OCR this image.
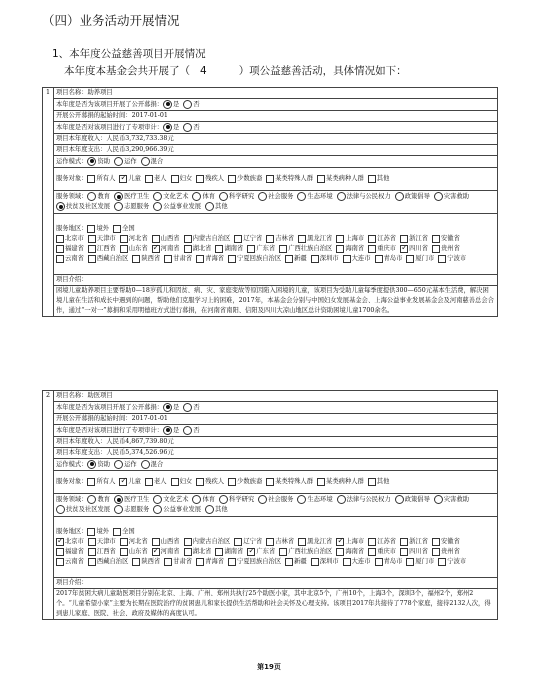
（四）业务活动开展情况
1、本年度公益慈善项目开展情况
本年度本基金会共开展了（ 4	）项公益慈善活动，具体情况如下：
1	项目名称：助养项目
本年度是否为该项目开展了公开募捐： 是 否
开展公开募捐的起始时间：2017-01-01
本年度是否对该项目进行了专项审计： 是 否
项目本年度收入：人民币3,732,733.38元
项目本年度支出：人民币3,290,966.39元
运作模式： 资助 运作 混合
服务对象： 所有人 ✓ 儿童 老人 妇女 残疾人 少数族裔 某类特殊人群 某类病种人群 其他
服务领域： 教育 医疗卫生 文化艺术 体育 科学研究 社会服务 生态环境 法律与公民权力 政策倡导 灾害救助扶贫及社区发展 志愿服务 公益事业发展 其他
服务地区： 境外 全国
北京市 天津市 河北省 山西省 内蒙古自治区 辽宁省 吉林省 黑龙江省 上海市 江苏省 浙江省 安徽省福建省 江西省 山东省 ✓ 河南省 湖北省 湖南省 广东省 广西壮族自治区 海南省 重庆市 ✓ 四川省 贵州省云南省 西藏自治区 陕西省 甘肃省 青海省 宁夏回族自治区 新疆 深圳市 大连市 青岛市 厦门市 宁波市
项目介绍：
困境儿童助养项目主要帮助0—18岁孤儿和因贫、病、灾、家庭变故等原因陷入困境的儿童，该项目为受助儿童每季度提供300—650元基本生活费，解决困境儿童在生活和成长中遇到的问题，帮助他们克服学习上的困难，2017年，本基金会分别与中国妇女发展基金会、上海公益事业发展基金会及河南慈善总会合作，通过“一对一”募捐和采用明德班方式进行募捐，在河南省南阳、信阳及四川大凉山地区总计资助困境儿童1700余名。
2	项目名称：助医项目
本年度是否为该项目开展了公开募捐： 是 否
开展公开募捐的起始时间：2017-01-01
本年度是否对该项目进行了专项审计： 是 否
项目本年度收入：人民币4,867,739.80元
项目本年度支出：人民币5,374,526.96元
运作模式： 资助 运作 混合
服务对象： 所有人 ✓ 儿童 老人 妇女 残疾人 少数族裔 某类特殊人群 某类病种人群 其他
服务领域： 教育 医疗卫生 文化艺术 体育 科学研究 社会服务 生态环境 法律与公民权力 政策倡导 灾害救助扶贫及社区发展 志愿服务 公益事业发展 其他
服务地区： 境外 全国
✓北京市 天津市 河北省 山西省 内蒙古自治区 辽宁省 吉林省 黑龙江省 ✓ 上海市 江苏省 浙江省 安徽省福建省 江西省 山东省 ✓ 河南省 湖北省 湖南省 ✓ 广东省 广西壮族自治区 海南省 重庆市 四川省 贵州省云南省 西藏自治区 陕西省 甘肃省 青海省 宁夏回族自治区 新疆 深圳市 大连市 青岛市 厦门市 宁波市
项目介绍：
2017年贫困大病儿童助医项目分别在北京、上海、广州、郑州共执行25个助医小家，其中北京5个，广州10个，上海3个，深圳3个，福州2个，郑州2个。“儿童希望小家”主要为长期在医院治疗的贫困患儿和家长提供生活帮助和社会关怀及心理支持。该项目2017年共接待了778个家庭，接待2132人次，得到患儿家庭、医院、社会、政府及媒体的高度认可。
第19页
